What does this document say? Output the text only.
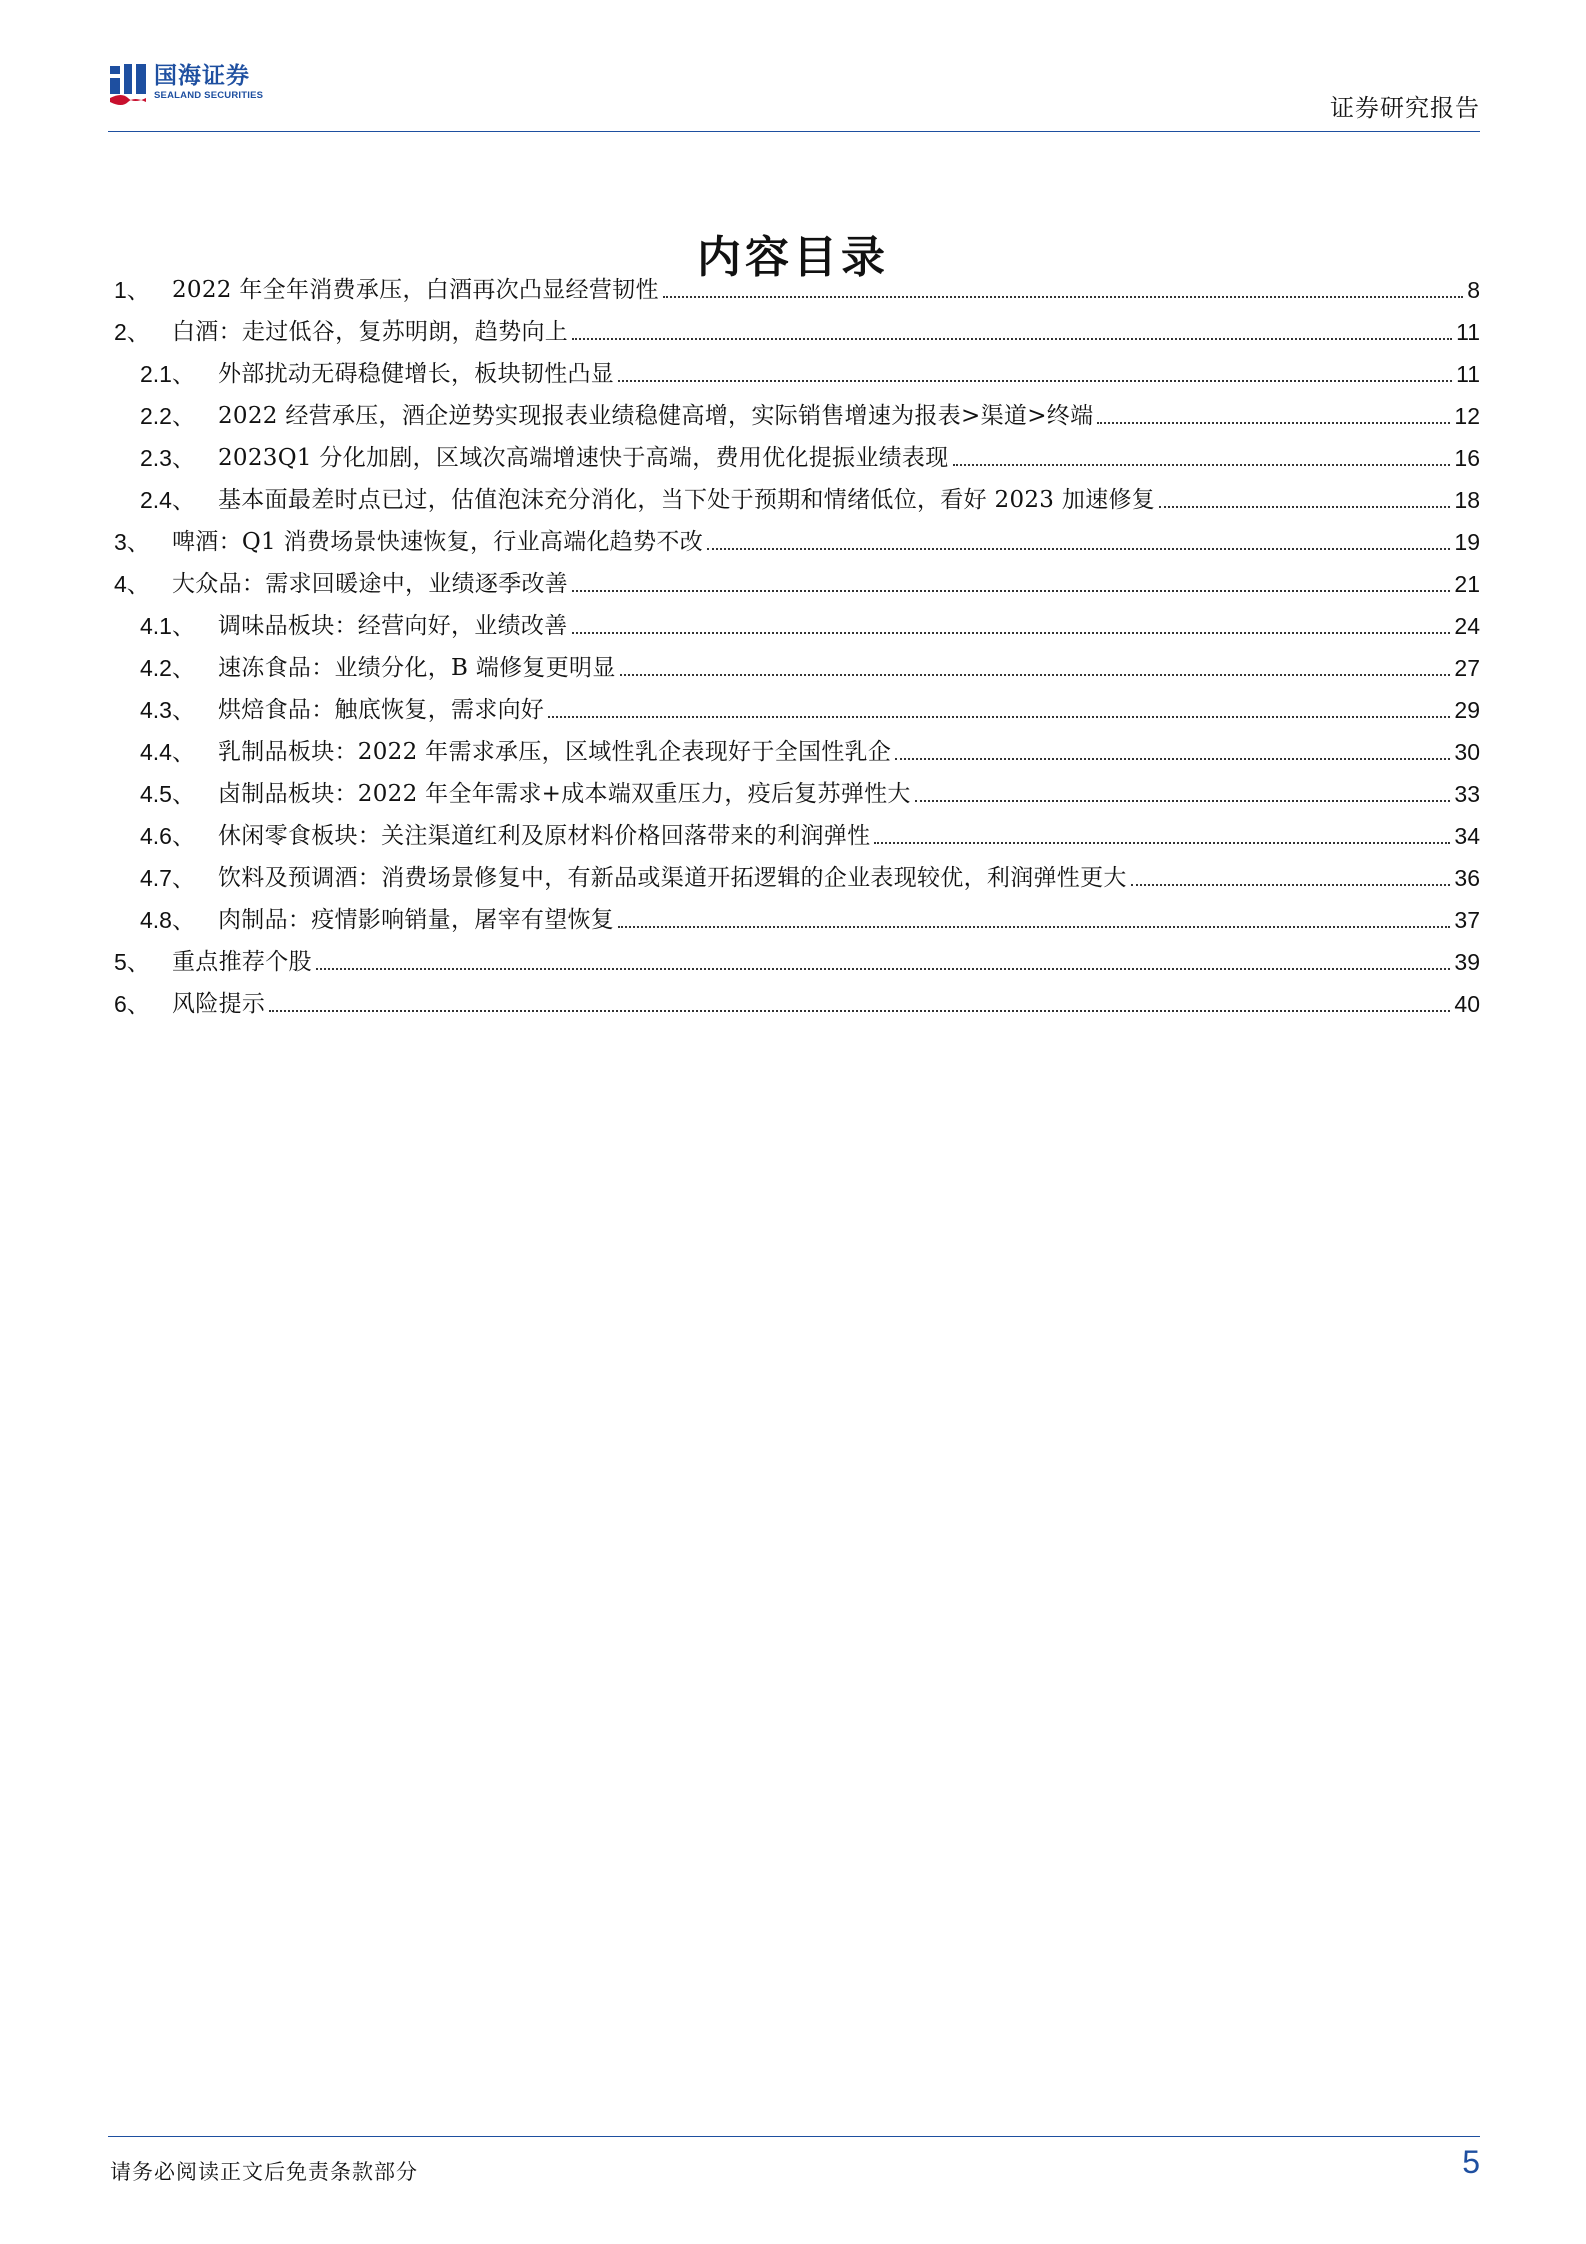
国海证券
SEALAND SECURITIES	证券研究报告
内容目录
1、 2022 年全年消费承压，白酒再次凸显经营韧性	8
2、 白酒：走过低谷，复苏明朗，趋势向上	11
2.1、	外部扰动无碍稳健增长，板块韧性凸显	11
2.2、	2022 经营承压，酒企逆势实现报表业绩稳健高增，实际销售增速为报表>渠道>终端	12
2.3、	2023Q1 分化加剧，区域次高端增速快于高端，费用优化提振业绩表现	16
2.4、	基本面最差时点已过，估值泡沫充分消化，当下处于预期和情绪低位，看好 2023 加速修复	18
3、 啤酒：Q1 消费场景快速恢复，行业高端化趋势不改	19
4、 大众品：需求回暖途中，业绩逐季改善	21
4.1、	调味品板块：经营向好，业绩改善	24
4.2、	速冻食品：业绩分化，B 端修复更明显	27
4.3、	烘焙食品：触底恢复，需求向好	29
4.4、	乳制品板块：2022 年需求承压，区域性乳企表现好于全国性乳企	30
4.5、	卤制品板块：2022 年全年需求+成本端双重压力，疫后复苏弹性大	33
4.6、	休闲零食板块：关注渠道红利及原材料价格回落带来的利润弹性	34
4.7、	饮料及预调酒：消费场景修复中，有新品或渠道开拓逻辑的企业表现较优，利润弹性更大	36
4.8、	肉制品：疫情影响销量，屠宰有望恢复	37
5、 重点推荐个股	39
6、 风险提示	40
请务必阅读正文后免责条款部分	5
